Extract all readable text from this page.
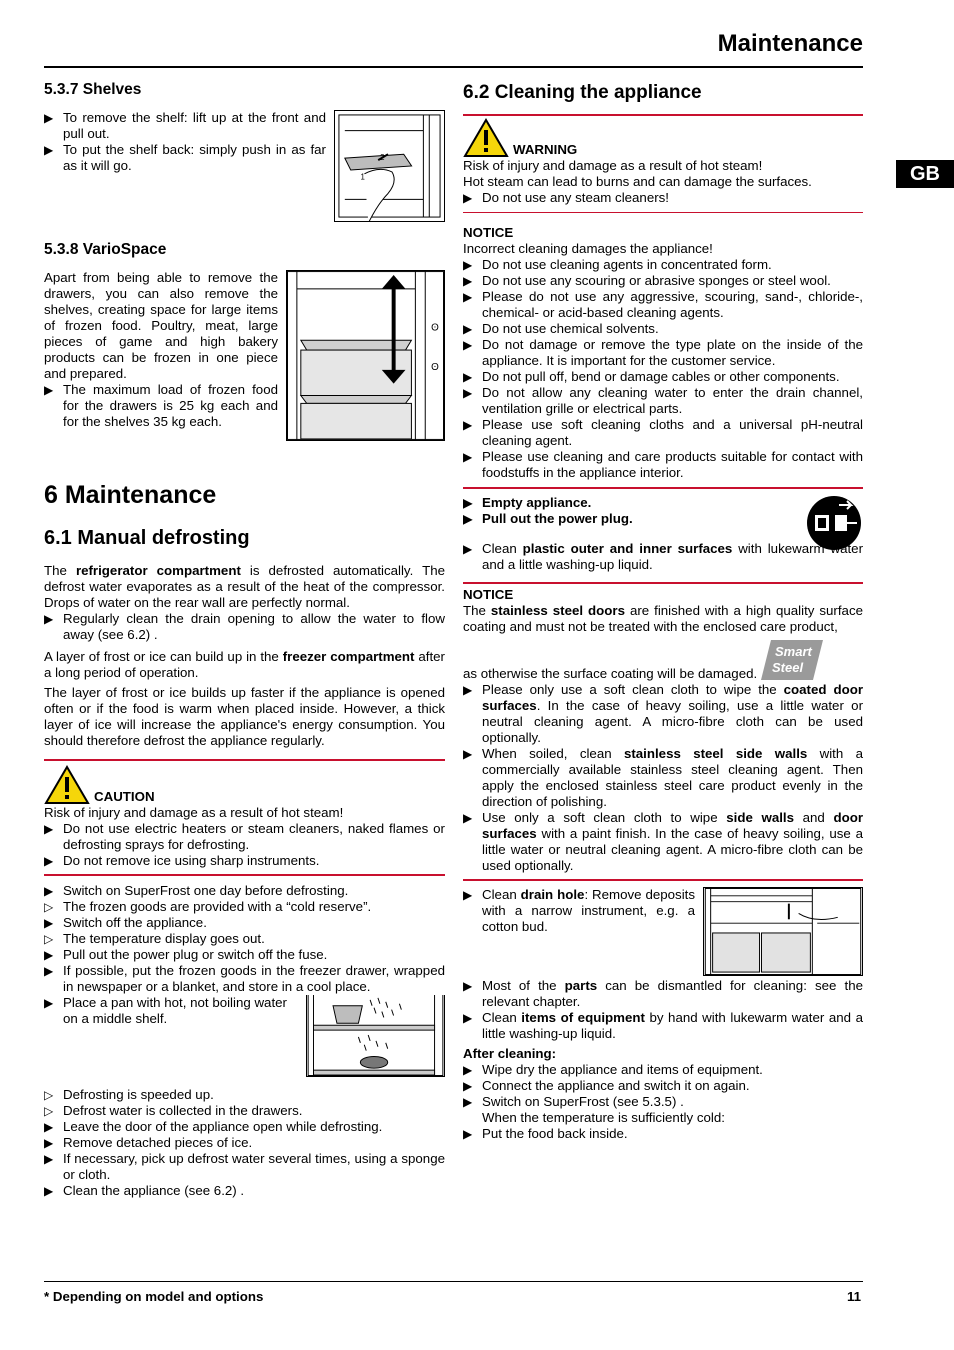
Maintenance
GB
5.3.7 Shelves
2
1
▶ To remove the shelf: lift up at the front and pull out.
▶ To put the shelf back: simply push in as far as it will go.
5.3.8 VarioSpace
ʘ
ʘ

Apart from being able to remove the drawers, you can also remove the shelves, creating space for large items of frozen food. Poultry, meat, large pieces of game and high bakery products can be frozen in one piece and prepared.

▶ The maximum load of frozen food for the drawers is 25 kg each and for the shelves 35 kg each.
6 Maintenance
6.1 Manual defrosting

The refrigerator compartment is defrosted automatically. The defrost water evaporates as a result of the heat of the compressor. Drops of water on the rear wall are perfectly normal.

▶ Regularly clean the drain opening to allow the water to flow away (see 6.2) .

A layer of frost or ice can build up in the freezer compartment after a long period of operation.

The layer of frost or ice builds up faster if the appliance is opened often or if the food is warm when placed inside. However, a thick layer of ice will increase the appliance's energy consumption. You should therefore defrost the appliance regularly.

CAUTION

Risk of injury and damage as a result of hot steam!

▶ Do not use electric heaters or steam cleaners, naked flames or defrosting sprays for defrosting.
▶ Do not remove ice using sharp instruments.
▶ Switch on SuperFrost one day before defrosting.
▷ The frozen goods are provided with a “cold reserve”.
▶ Switch off the appliance.
▷ The temperature display goes out.
▶ Pull out the power plug or switch off the fuse.
▶ If possible, put the frozen goods in the freezer drawer, wrapped in newspaper or a blanket, and store in a cool place.
▶ Place a pan with hot, not boiling water on a middle shelf.
▷ Defrosting is speeded up.
▷ Defrost water is collected in the drawers.
▶ Leave the door of the appliance open while defrosting.
▶ Remove detached pieces of ice.
▶ If necessary, pick up defrost water several times, using a sponge or cloth.
▶ Clean the appliance (see 6.2) .
6.2 Cleaning the appliance
WARNING

Risk of injury and damage as a result of hot steam!

Hot steam can lead to burns and can damage the surfaces.

▶ Do not use any steam cleaners!
NOTICE

Incorrect cleaning damages the appliance!

▶ Do not use cleaning agents in concentrated form.
▶ Do not use any scouring or abrasive sponges or steel wool.
▶ Please do not use any aggressive, scouring, sand-, chloride-, chemical- or acid-based cleaning agents.
▶ Do not use chemical solvents.
▶ Do not damage or remove the type plate on the inside of the appliance. It is important for the customer service.
▶ Do not pull off, bend or damage cables or other components.
▶ Do not allow any cleaning water to enter the drain channel, ventilation grille or electrical parts.
▶ Please use soft cleaning cloths and a universal pH-neutral cleaning agent.
▶ Please use cleaning and care products suitable for contact with foodstuffs in the appliance interior.
▶ Empty appliance.
▶ Pull out the power plug.
▶ Clean plastic outer and inner surfaces with lukewarm water and a little washing-up liquid.
NOTICE

The stainless steel doors are finished with a high quality surface coating and must not be treated with the enclosed care product,

as otherwise the surface coating will be damaged.
Smart
Steel
▶ Please only use a soft clean cloth to wipe the coated door surfaces. In the case of heavy soiling, use a little water or neutral cleaning agent. A micro-fibre cloth can be used optionally.
▶ When soiled, clean stainless steel side walls with a commercially available stainless steel cleaning agent. Then apply the enclosed stainless steel care product evenly in the direction of polishing.
▶ Use only a soft clean cloth to wipe side walls and door surfaces with a paint finish. In the case of heavy soiling, use a little water or neutral cleaning agent. A micro-fibre cloth can be used optionally.
▶ Clean drain hole: Remove deposits with a narrow instrument, e.g. a cotton bud.
▶ Most of the parts can be dismantled for cleaning: see the relevant chapter.
▶ Clean items of equipment by hand with lukewarm water and a little washing-up liquid.
After cleaning:
▶ Wipe dry the appliance and items of equipment.
▶ Connect the appliance and switch it on again.
▶ Switch on SuperFrost (see 5.3.5) .
When the temperature is sufficiently cold:
▶ Put the food back inside.
* Depending on model and options	11
